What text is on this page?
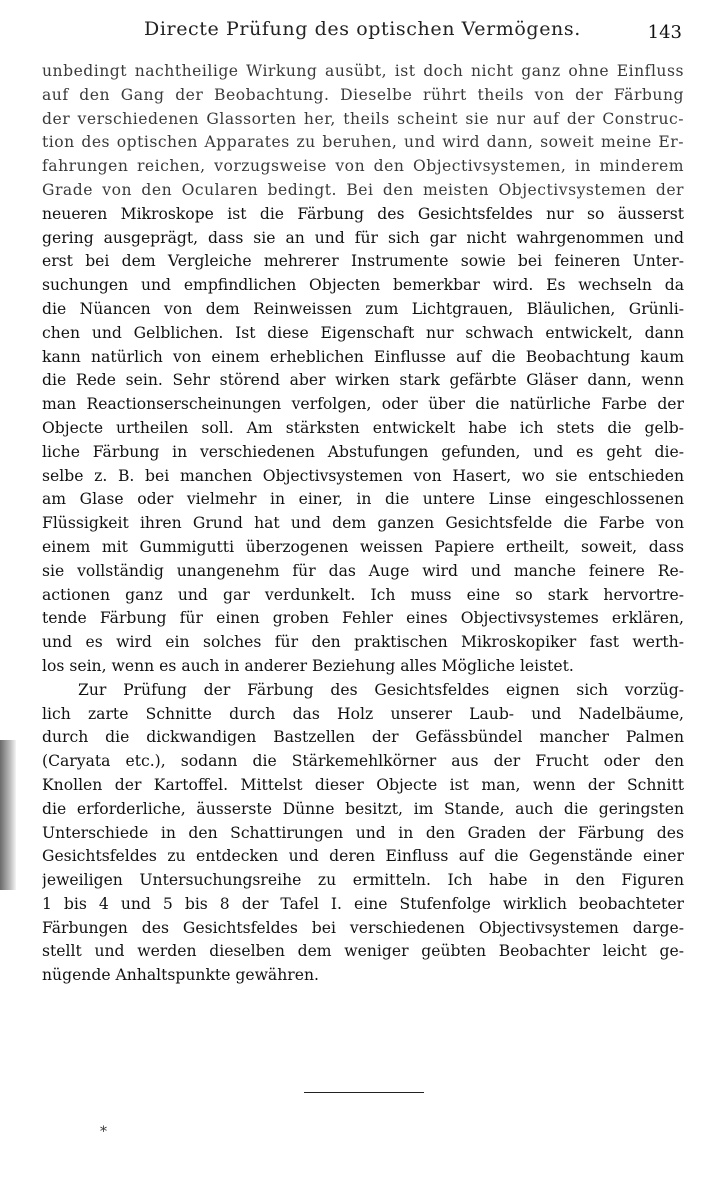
Directe Prüfung des optischen Vermögens.	143
unbedingt nachtheilige Wirkung ausübt, ist doch nicht ganz ohne Einfluss
auf den Gang der Beobachtung. Dieselbe rührt theils von der Färbung
der verschiedenen Glassorten her, theils scheint sie nur auf der Construc-
tion des optischen Apparates zu beruhen, und wird dann, soweit meine Er-
fahrungen reichen, vorzugsweise von den Objectivsystemen, in minderem
Grade von den Ocularen bedingt. Bei den meisten Objectivsystemen der
neueren Mikroskope ist die Färbung des Gesichtsfeldes nur so äusserst
gering ausgeprägt, dass sie an und für sich gar nicht wahrgenommen und
erst bei dem Vergleiche mehrerer Instrumente sowie bei feineren Unter-
suchungen und empfindlichen Objecten bemerkbar wird. Es wechseln da
die Nüancen von dem Reinweissen zum Lichtgrauen, Bläulichen, Grünli-
chen und Gelblichen. Ist diese Eigenschaft nur schwach entwickelt, dann
kann natürlich von einem erheblichen Einflusse auf die Beobachtung kaum
die Rede sein. Sehr störend aber wirken stark gefärbte Gläser dann, wenn
man Reactionserscheinungen verfolgen, oder über die natürliche Farbe der
Objecte urtheilen soll. Am stärksten entwickelt habe ich stets die gelb-
liche Färbung in verschiedenen Abstufungen gefunden, und es geht die-
selbe z. B. bei manchen Objectivsystemen von Hasert, wo sie entschieden
am Glase oder vielmehr in einer, in die untere Linse eingeschlossenen
Flüssigkeit ihren Grund hat und dem ganzen Gesichtsfelde die Farbe von
einem mit Gummigutti überzogenen weissen Papiere ertheilt, soweit, dass
sie vollständig unangenehm für das Auge wird und manche feinere Re-
actionen ganz und gar verdunkelt. Ich muss eine so stark hervortre-
tende Färbung für einen groben Fehler eines Objectivsystemes erklären,
und es wird ein solches für den praktischen Mikroskopiker fast werth-
los sein, wenn es auch in anderer Beziehung alles Mögliche leistet.
Zur Prüfung der Färbung des Gesichtsfeldes eignen sich vorzüg-
lich zarte Schnitte durch das Holz unserer Laub- und Nadelbäume,
durch die dickwandigen Bastzellen der Gefässbündel mancher Palmen
(Caryata etc.), sodann die Stärkemehlkörner aus der Frucht oder den
Knollen der Kartoffel. Mittelst dieser Objecte ist man, wenn der Schnitt
die erforderliche, äusserste Dünne besitzt, im Stande, auch die geringsten
Unterschiede in den Schattirungen und in den Graden der Färbung des
Gesichtsfeldes zu entdecken und deren Einfluss auf die Gegenstände einer
jeweiligen Untersuchungsreihe zu ermitteln. Ich habe in den Figuren
1 bis 4 und 5 bis 8 der Tafel I. eine Stufenfolge wirklich beobachteter
Färbungen des Gesichtsfeldes bei verschiedenen Objectivsystemen darge-
stellt und werden dieselben dem weniger geübten Beobachter leicht ge-
nügende Anhaltspunkte gewähren.
*
